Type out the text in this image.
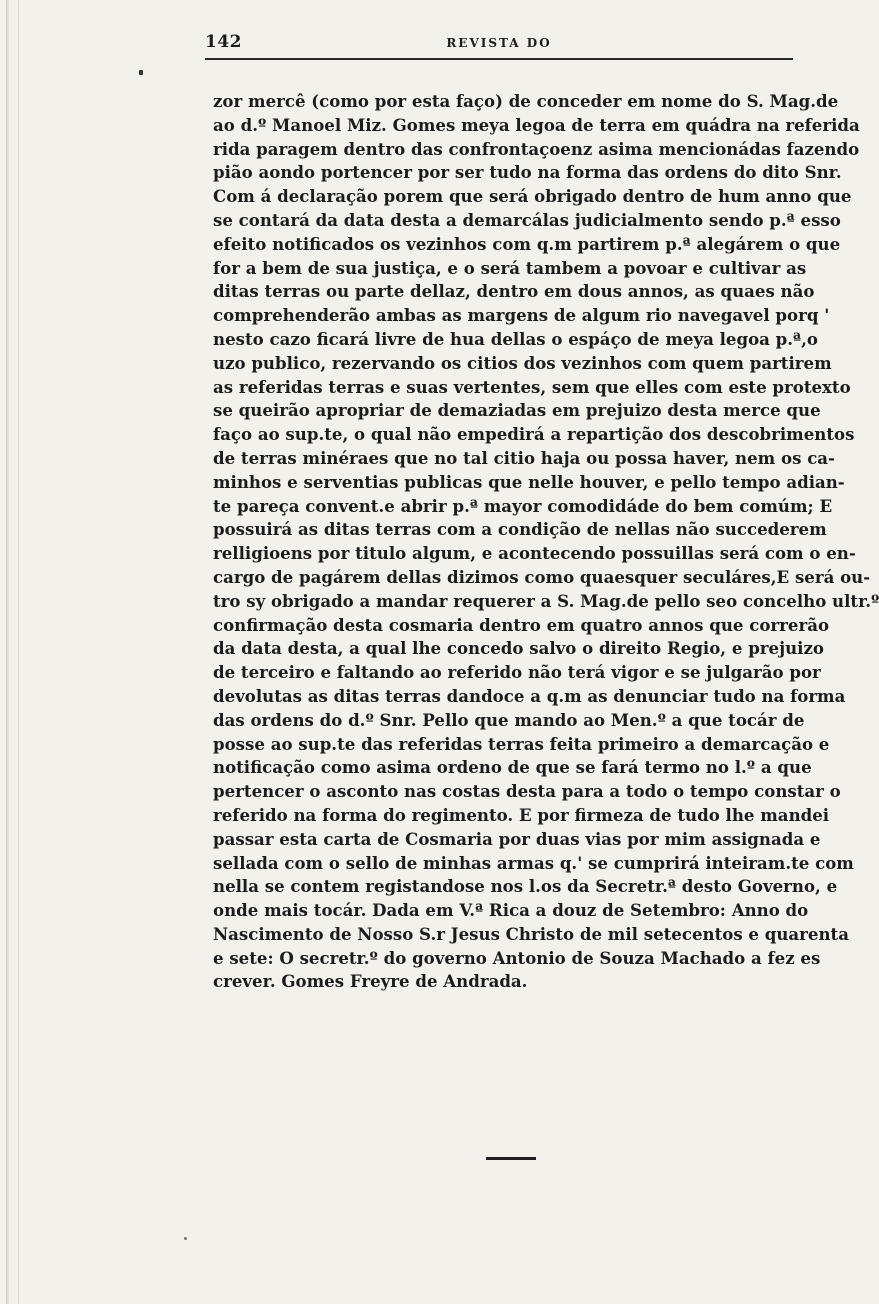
142	REVISTA DO
zor mercê (como por esta faço) de conceder em nome do S. Mag.de
ao d.º Manoel Miz. Gomes meya legoa de terra em quádra na referida
rida paragem dentro das confrontaçoenz asima mencionádas fazendo
pião aondo portencer por ser tudo na forma das ordens do dito Snr.
Com á declaração porem que será obrigado dentro de hum anno que
se contará da data desta a demarcálas judicialmento sendo p.ª esso
efeito notificados os vezinhos com q.m partirem p.ª alegárem o que
for a bem de sua justiça, e o será tambem a povoar e cultivar as
ditas terras ou parte dellaz, dentro em dous annos, as quaes não
comprehenderão ambas as margens de algum rio navegavel porq '
nesto cazo ficará livre de hua dellas o espáço de meya legoa p.ª,o
uzo publico, rezervando os citios dos vezinhos com quem partirem
as referidas terras e suas vertentes, sem que elles com este protexto
se queirão apropriar de demaziadas em prejuizo desta merce que
faço ao sup.te, o qual não empedirá a repartição dos descobrimentos
de terras minéraes que no tal citio haja ou possa haver, nem os ca-
minhos e serventias publicas que nelle houver, e pello tempo adian-
te pareça convent.e abrir p.ª mayor comodidáde do bem comúm; E
possuirá as ditas terras com a condição de nellas não succederem
relligioens por titulo algum, e acontecendo possuillas será com o en-
cargo de pagárem dellas dizimos como quaesquer seculáres,E será ou-
tro sy obrigado a mandar requerer a S. Mag.de pello seo concelho ultr.º
confirmação desta cosmaria dentro em quatro annos que correrão
da data desta, a qual lhe concedo salvo o direito Regio, e prejuizo
de terceiro e faltando ao referido não terá vigor e se julgarão por
devolutas as ditas terras dandoce a q.m as denunciar tudo na forma
das ordens do d.º Snr. Pello que mando ao Men.º a que tocár de
posse ao sup.te das referidas terras feita primeiro a demarcação e
notificação como asima ordeno de que se fará termo no l.º a que
pertencer o asconto nas costas desta para a todo o tempo constar o
referido na forma do regimento. E por firmeza de tudo lhe mandei
passar esta carta de Cosmaria por duas vias por mim assignada e
sellada com o sello de minhas armas q.' se cumprirá inteiram.te com
nella se contem registandose nos l.os da Secretr.ª desto Governo, e
onde mais tocár. Dada em V.ª Rica a douz de Setembro: Anno do
Nascimento de Nosso S.r Jesus Christo de mil setecentos e quarenta
e sete: O secretr.º do governo Antonio de Souza Machado a fez es
crever. Gomes Freyre de Andrada.
